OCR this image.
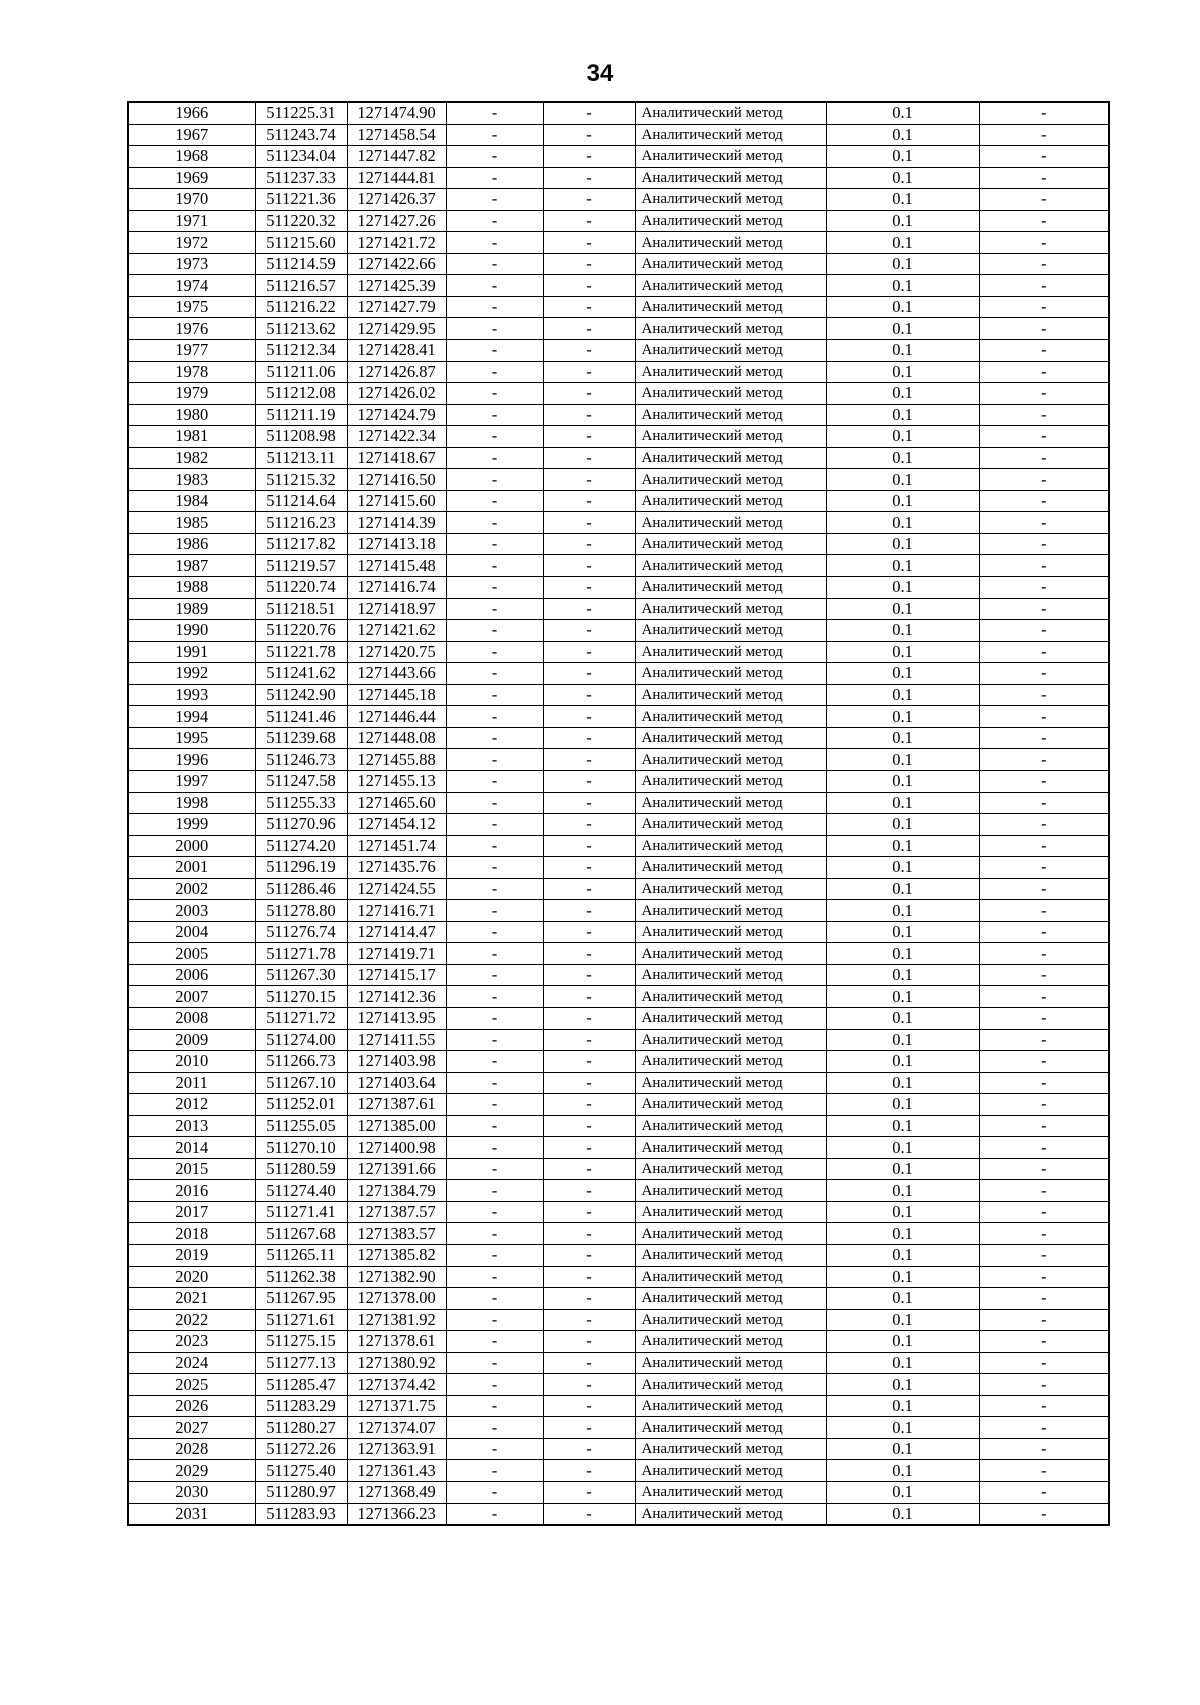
34
1966	511225.31	1271474.90	-	-	Аналитический метод	0.1	-
1967	511243.74	1271458.54	-	-	Аналитический метод	0.1	-
1968	511234.04	1271447.82	-	-	Аналитический метод	0.1	-
1969	511237.33	1271444.81	-	-	Аналитический метод	0.1	-
1970	511221.36	1271426.37	-	-	Аналитический метод	0.1	-
1971	511220.32	1271427.26	-	-	Аналитический метод	0.1	-
1972	511215.60	1271421.72	-	-	Аналитический метод	0.1	-
1973	511214.59	1271422.66	-	-	Аналитический метод	0.1	-
1974	511216.57	1271425.39	-	-	Аналитический метод	0.1	-
1975	511216.22	1271427.79	-	-	Аналитический метод	0.1	-
1976	511213.62	1271429.95	-	-	Аналитический метод	0.1	-
1977	511212.34	1271428.41	-	-	Аналитический метод	0.1	-
1978	511211.06	1271426.87	-	-	Аналитический метод	0.1	-
1979	511212.08	1271426.02	-	-	Аналитический метод	0.1	-
1980	511211.19	1271424.79	-	-	Аналитический метод	0.1	-
1981	511208.98	1271422.34	-	-	Аналитический метод	0.1	-
1982	511213.11	1271418.67	-	-	Аналитический метод	0.1	-
1983	511215.32	1271416.50	-	-	Аналитический метод	0.1	-
1984	511214.64	1271415.60	-	-	Аналитический метод	0.1	-
1985	511216.23	1271414.39	-	-	Аналитический метод	0.1	-
1986	511217.82	1271413.18	-	-	Аналитический метод	0.1	-
1987	511219.57	1271415.48	-	-	Аналитический метод	0.1	-
1988	511220.74	1271416.74	-	-	Аналитический метод	0.1	-
1989	511218.51	1271418.97	-	-	Аналитический метод	0.1	-
1990	511220.76	1271421.62	-	-	Аналитический метод	0.1	-
1991	511221.78	1271420.75	-	-	Аналитический метод	0.1	-
1992	511241.62	1271443.66	-	-	Аналитический метод	0.1	-
1993	511242.90	1271445.18	-	-	Аналитический метод	0.1	-
1994	511241.46	1271446.44	-	-	Аналитический метод	0.1	-
1995	511239.68	1271448.08	-	-	Аналитический метод	0.1	-
1996	511246.73	1271455.88	-	-	Аналитический метод	0.1	-
1997	511247.58	1271455.13	-	-	Аналитический метод	0.1	-
1998	511255.33	1271465.60	-	-	Аналитический метод	0.1	-
1999	511270.96	1271454.12	-	-	Аналитический метод	0.1	-
2000	511274.20	1271451.74	-	-	Аналитический метод	0.1	-
2001	511296.19	1271435.76	-	-	Аналитический метод	0.1	-
2002	511286.46	1271424.55	-	-	Аналитический метод	0.1	-
2003	511278.80	1271416.71	-	-	Аналитический метод	0.1	-
2004	511276.74	1271414.47	-	-	Аналитический метод	0.1	-
2005	511271.78	1271419.71	-	-	Аналитический метод	0.1	-
2006	511267.30	1271415.17	-	-	Аналитический метод	0.1	-
2007	511270.15	1271412.36	-	-	Аналитический метод	0.1	-
2008	511271.72	1271413.95	-	-	Аналитический метод	0.1	-
2009	511274.00	1271411.55	-	-	Аналитический метод	0.1	-
2010	511266.73	1271403.98	-	-	Аналитический метод	0.1	-
2011	511267.10	1271403.64	-	-	Аналитический метод	0.1	-
2012	511252.01	1271387.61	-	-	Аналитический метод	0.1	-
2013	511255.05	1271385.00	-	-	Аналитический метод	0.1	-
2014	511270.10	1271400.98	-	-	Аналитический метод	0.1	-
2015	511280.59	1271391.66	-	-	Аналитический метод	0.1	-
2016	511274.40	1271384.79	-	-	Аналитический метод	0.1	-
2017	511271.41	1271387.57	-	-	Аналитический метод	0.1	-
2018	511267.68	1271383.57	-	-	Аналитический метод	0.1	-
2019	511265.11	1271385.82	-	-	Аналитический метод	0.1	-
2020	511262.38	1271382.90	-	-	Аналитический метод	0.1	-
2021	511267.95	1271378.00	-	-	Аналитический метод	0.1	-
2022	511271.61	1271381.92	-	-	Аналитический метод	0.1	-
2023	511275.15	1271378.61	-	-	Аналитический метод	0.1	-
2024	511277.13	1271380.92	-	-	Аналитический метод	0.1	-
2025	511285.47	1271374.42	-	-	Аналитический метод	0.1	-
2026	511283.29	1271371.75	-	-	Аналитический метод	0.1	-
2027	511280.27	1271374.07	-	-	Аналитический метод	0.1	-
2028	511272.26	1271363.91	-	-	Аналитический метод	0.1	-
2029	511275.40	1271361.43	-	-	Аналитический метод	0.1	-
2030	511280.97	1271368.49	-	-	Аналитический метод	0.1	-
2031	511283.93	1271366.23	-	-	Аналитический метод	0.1	-
